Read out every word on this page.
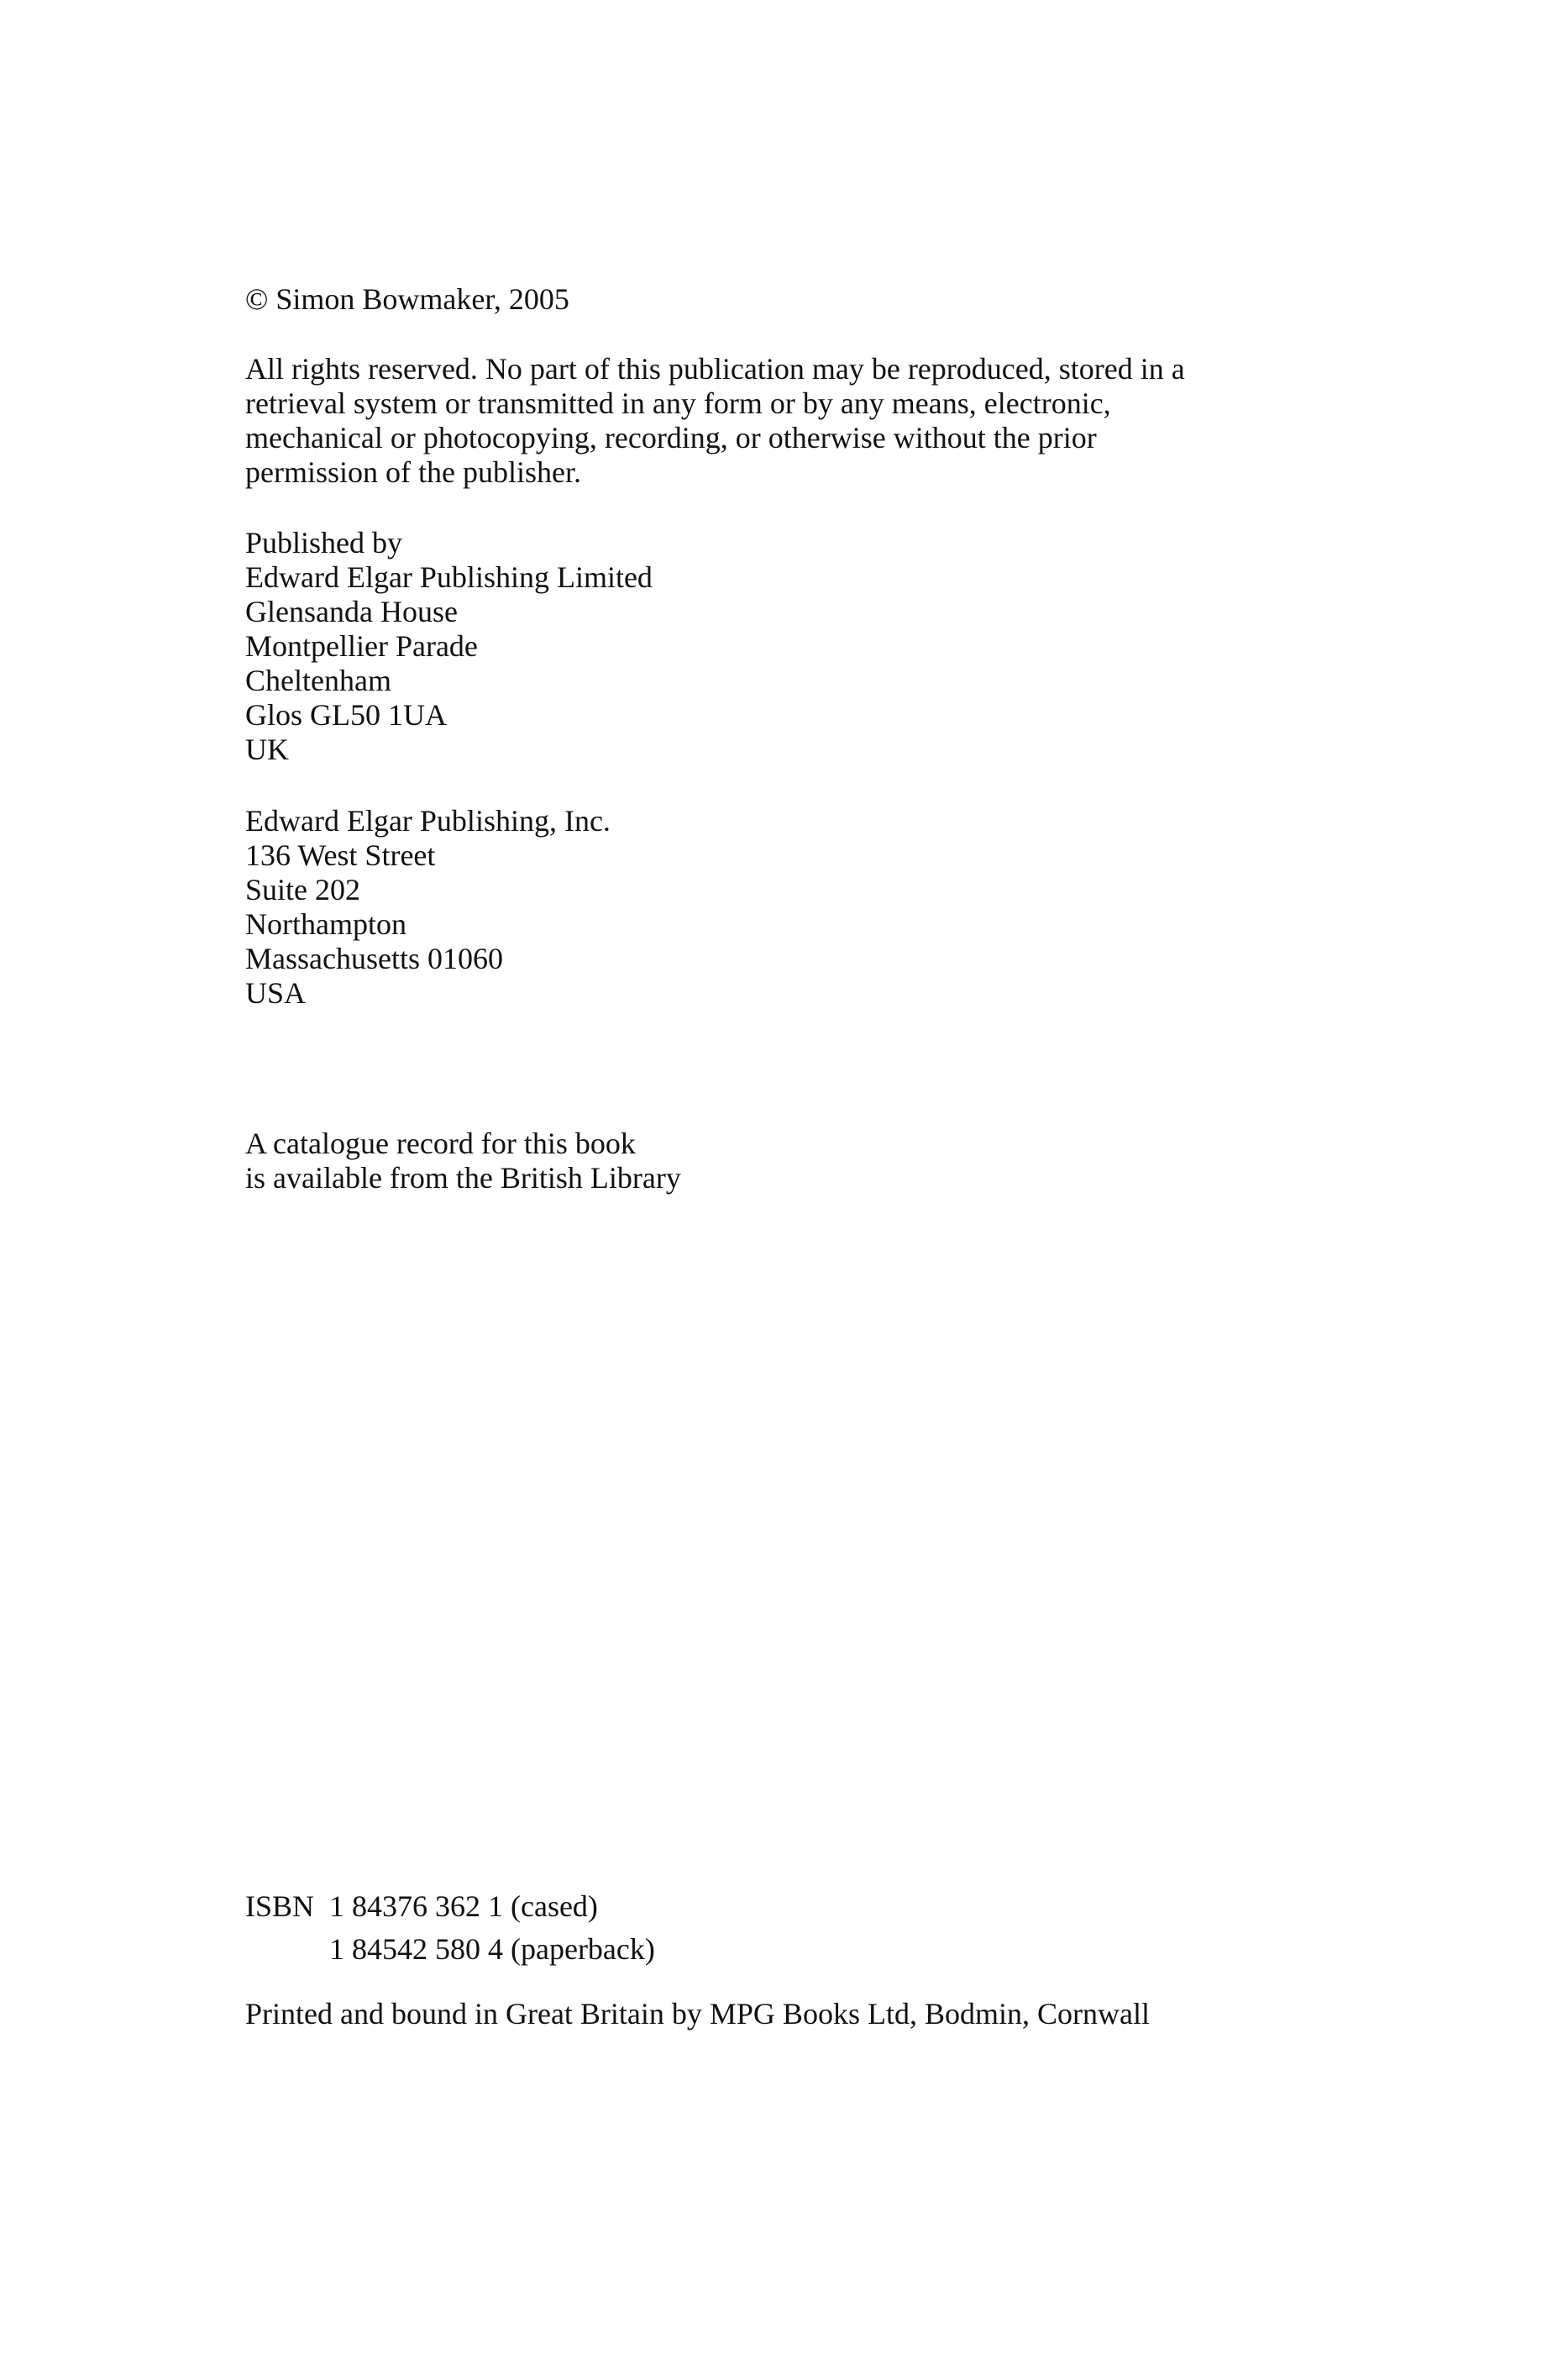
© Simon Bowmaker, 2005

All rights reserved. No part of this publication may be reproduced, stored in a
retrieval system or transmitted in any form or by any means, electronic,
mechanical or photocopying, recording, or otherwise without the prior
permission of the publisher.

Published by
Edward Elgar Publishing Limited
Glensanda House
Montpellier Parade
Cheltenham
Glos GL50 1UA
UK

Edward Elgar Publishing, Inc.
136 West Street
Suite 202
Northampton
Massachusetts 01060
USA

A catalogue record for this book
is available from the British Library

ISBN 1 84376 362 1 (cased)
1 84542 580 4 (paperback)

Printed and bound in Great Britain by MPG Books Ltd, Bodmin, Cornwall
